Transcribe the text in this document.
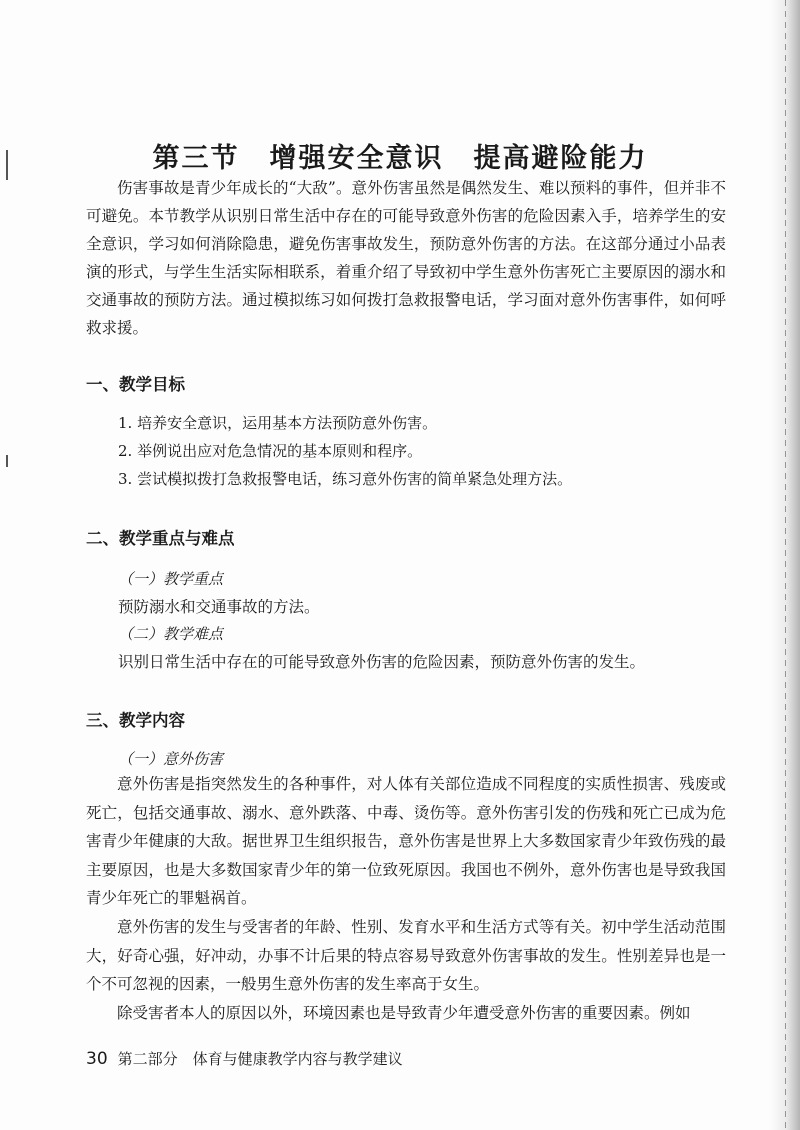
第三节 增强安全意识 提高避险能力

伤害事故是青少年成长的“大敌”。意外伤害虽然是偶然发生、难以预料的事件，但并非不可避免。本节教学从识别日常生活中存在的可能导致意外伤害的危险因素入手，培养学生的安全意识，学习如何消除隐患，避免伤害事故发生，预防意外伤害的方法。在这部分通过小品表演的形式，与学生生活实际相联系，着重介绍了导致初中学生意外伤害死亡主要原因的溺水和交通事故的预防方法。通过模拟练习如何拨打急救报警电话，学习面对意外伤害事件，如何呼救求援。

一、教学目标
1. 培养安全意识，运用基本方法预防意外伤害。
2. 举例说出应对危急情况的基本原则和程序。
3. 尝试模拟拨打急救报警电话，练习意外伤害的简单紧急处理方法。
二、教学重点与难点

（一）教学重点

预防溺水和交通事故的方法。

（二）教学难点

识别日常生活中存在的可能导致意外伤害的危险因素，预防意外伤害的发生。

三、教学内容

（一）意外伤害

意外伤害是指突然发生的各种事件，对人体有关部位造成不同程度的实质性损害、残废或死亡，包括交通事故、溺水、意外跌落、中毒、烫伤等。意外伤害引发的伤残和死亡已成为危害青少年健康的大敌。据世界卫生组织报告，意外伤害是世界上大多数国家青少年致伤残的最主要原因，也是大多数国家青少年的第一位致死原因。我国也不例外，意外伤害也是导致我国青少年死亡的罪魁祸首。

意外伤害的发生与受害者的年龄、性别、发育水平和生活方式等有关。初中学生活动范围大，好奇心强，好冲动，办事不计后果的特点容易导致意外伤害事故的发生。性别差异也是一个不可忽视的因素，一般男生意外伤害的发生率高于女生。

除受害者本人的原因以外，环境因素也是导致青少年遭受意外伤害的重要因素。例如

30 第二部分　体育与健康教学内容与教学建议
